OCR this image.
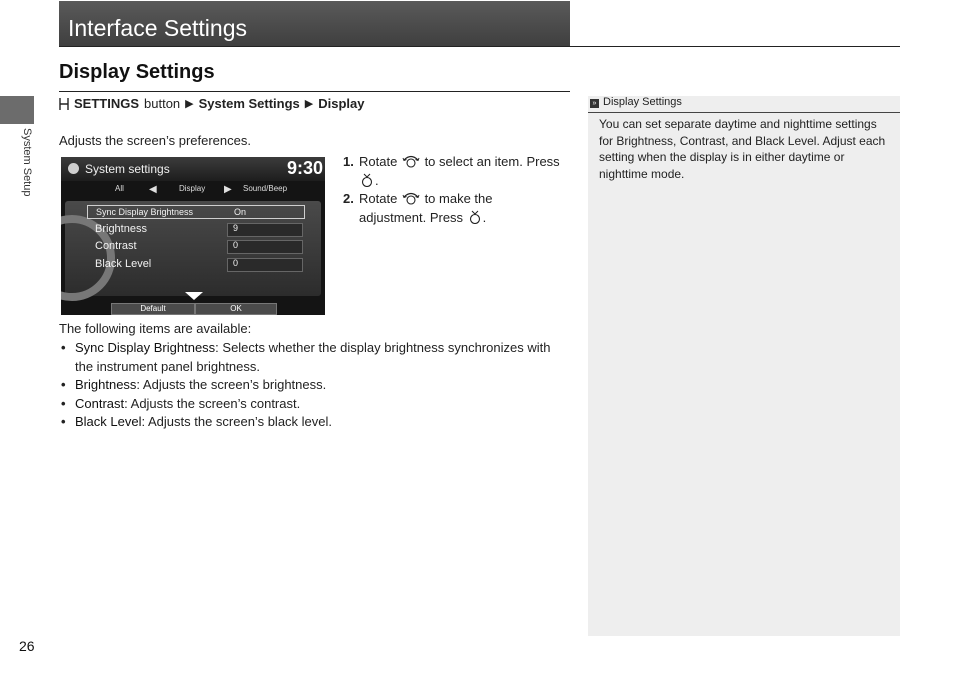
Interface Settings
Display Settings
System Setup
SETTINGS button ▶ System Settings ▶ Display
Adjusts the screen’s preferences.
System settings	9:30
All	◀	Display ▶ Sound/Beep
Sync Display Brightness	On
Brightness	9
Contrast	0
Black Level	0
Default	OK
1. Rotate to select an item. Press
.
2. Rotate to make the
adjustment. Press .
The following items are available:
• Sync Display Brightness: Selects whether the display brightness synchronizes with the instrument panel brightness.
• Brightness: Adjusts the screen’s brightness.
• Contrast: Adjusts the screen’s contrast.
• Black Level: Adjusts the screen’s black level.
» Display Settings
You can set separate daytime and nighttime settings for Brightness, Contrast, and Black Level. Adjust each setting when the display is in either daytime or nighttime mode.
26
